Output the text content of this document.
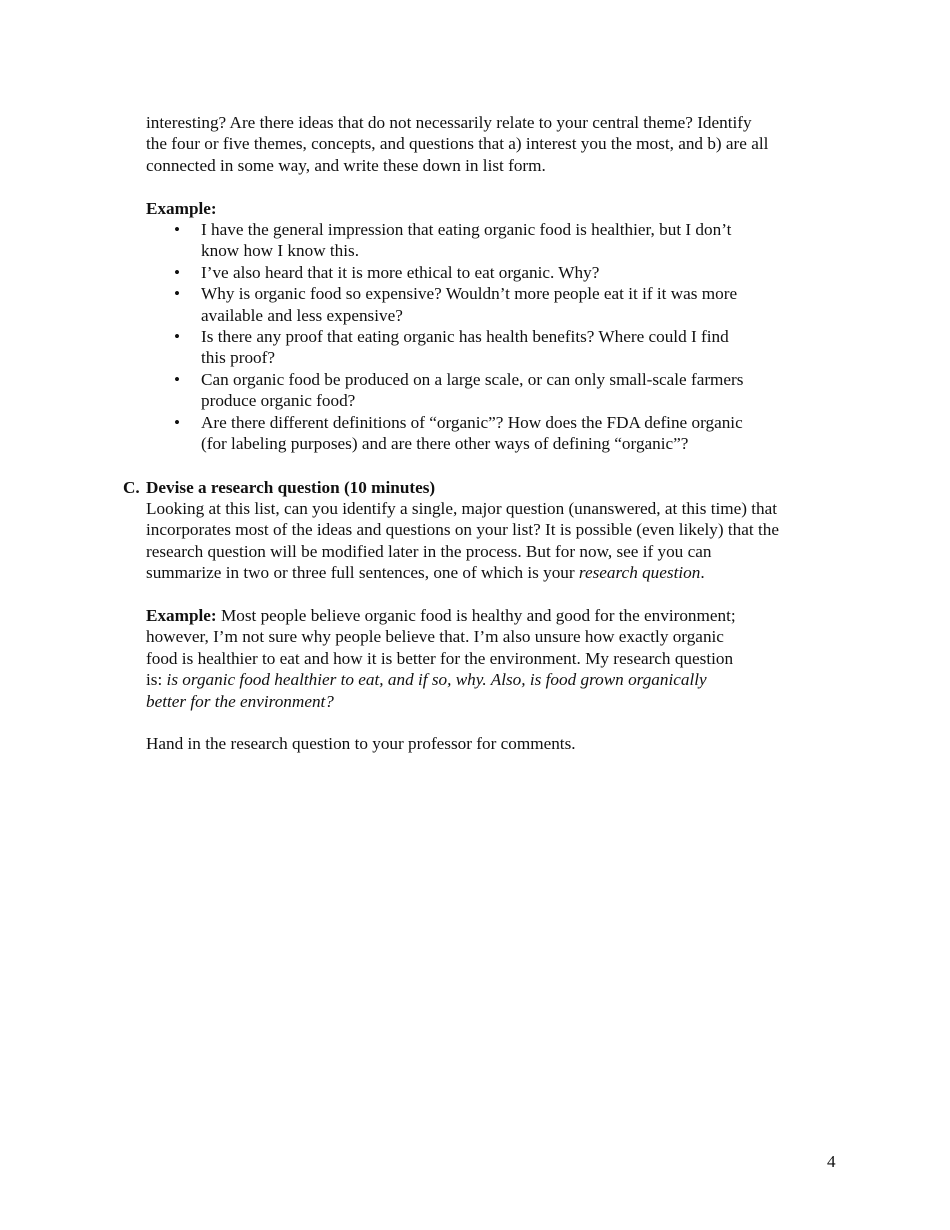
interesting? Are there ideas that do not necessarily relate to your central theme? Identify
the four or five themes, concepts, and questions that a) interest you the most, and b) are all
connected in some way, and write these down in list form.
Example:
• I have the general impression that eating organic food is healthier, but I don’t
know how I know this.
• I’ve also heard that it is more ethical to eat organic. Why?
• Why is organic food so expensive? Wouldn’t more people eat it if it was more
available and less expensive?
• Is there any proof that eating organic has health benefits? Where could I find
this proof?
• Can organic food be produced on a large scale, or can only small-scale farmers
produce organic food?
• Are there different definitions of “organic”? How does the FDA define organic
(for labeling purposes) and are there other ways of defining “organic”?
C. Devise a research question (10 minutes)
Looking at this list, can you identify a single, major question (unanswered, at this time) that
incorporates most of the ideas and questions on your list? It is possible (even likely) that the
research question will be modified later in the process. But for now, see if you can
summarize in two or three full sentences, one of which is your research question.
Example: Most people believe organic food is healthy and good for the environment;
however, I’m not sure why people believe that. I’m also unsure how exactly organic
food is healthier to eat and how it is better for the environment. My research question
is: is organic food healthier to eat, and if so, why. Also, is food grown organically
better for the environment?
Hand in the research question to your professor for comments.
4
